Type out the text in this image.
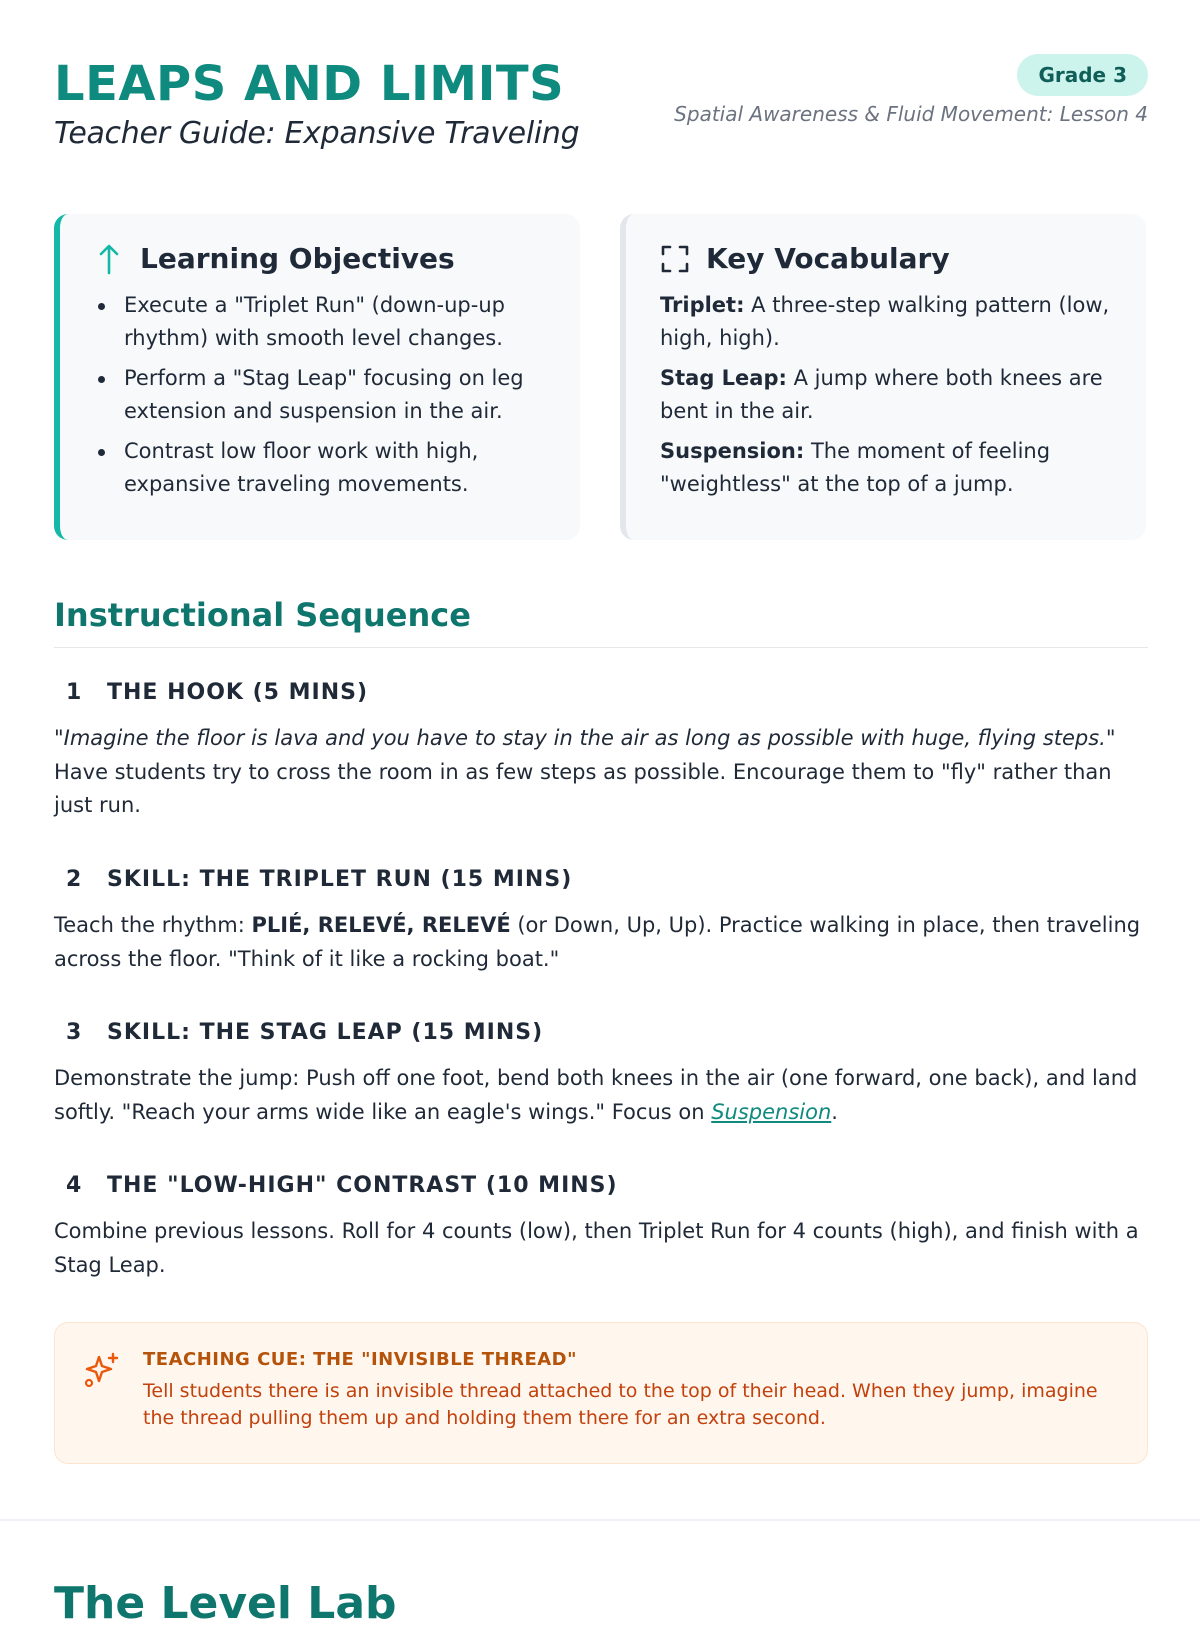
LEAPS AND LIMITS
Teacher Guide: Expansive Traveling
Grade 3
Spatial Awareness & Fluid Movement: Lesson 4
Learning Objectives
Execute a "Triplet Run" (down-up-up rhythm) with smooth level changes.
Perform a "Stag Leap" focusing on leg extension and suspension in the air.
Contrast low floor work with high, expansive traveling movements.
Key Vocabulary
Triplet: A three-step walking pattern (low, high, high).
Stag Leap: A jump where both knees are bent in the air.
Suspension: The moment of feeling "weightless" at the top of a jump.
Instructional Sequence
1	THE HOOK (5 MINS)
"Imagine the floor is lava and you have to stay in the air as long as possible with huge, flying steps."
Have students try to cross the room in as few steps as possible. Encourage them to "fly" rather than just run.
2	SKILL: THE TRIPLET RUN (15 MINS)
Teach the rhythm: PLIÉ, RELEVÉ, RELEVÉ (or Down, Up, Up). Practice walking in place, then traveling across the floor. "Think of it like a rocking boat."
3	SKILL: THE STAG LEAP (15 MINS)
Demonstrate the jump: Push off one foot, bend both knees in the air (one forward, one back), and land softly. "Reach your arms wide like an eagle's wings." Focus on Suspension.
4	THE "LOW-HIGH" CONTRAST (10 MINS)
Combine previous lessons. Roll for 4 counts (low), then Triplet Run for 4 counts (high), and finish with a Stag Leap.
TEACHING CUE: THE "INVISIBLE THREAD"
Tell students there is an invisible thread attached to the top of their head. When they jump, imagine the thread pulling them up and holding them there for an extra second.
The Level Lab
